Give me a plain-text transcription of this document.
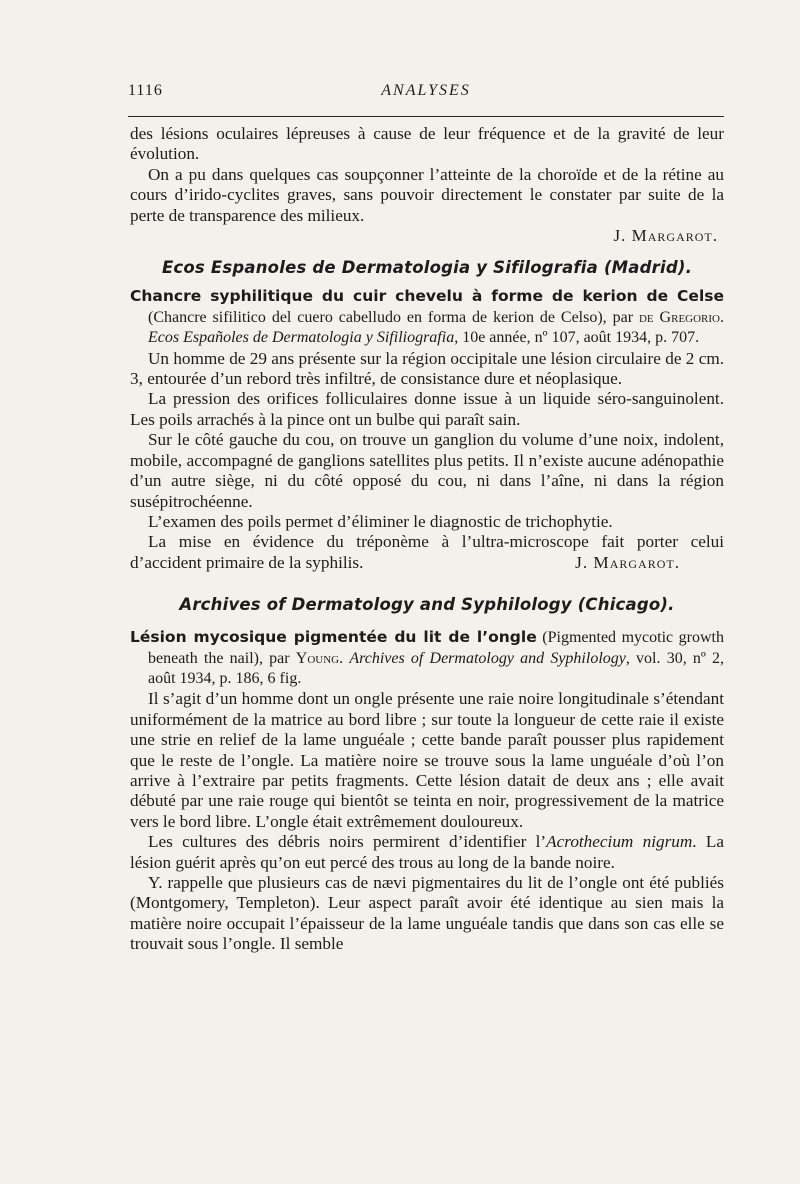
1116	ANALYSES

des lésions oculaires lépreuses à cause de leur fréquence et de la gravité de leur évolution.

On a pu dans quelques cas soupçonner l’atteinte de la choroïde et de la rétine au cours d’irido-cyclites graves, sans pouvoir directement le constater par suite de la perte de transparence des milieux.

J. Margarot.

Ecos Espanoles de Dermatologia y Sifilografia (Madrid).

Chancre syphilitique du cuir chevelu à forme de kerion de Celse (Chancre sifilitico del cuero cabelludo en forma de kerion de Celso), par de Gregorio. Ecos Españoles de Dermatologia y Sifiliografia, 10e année, nº 107, août 1934, p. 707.

Un homme de 29 ans présente sur la région occipitale une lésion circulaire de 2 cm. 3, entourée d’un rebord très infiltré, de consistance dure et néoplasique.

La pression des orifices folliculaires donne issue à un liquide séro-sanguinolent. Les poils arrachés à la pince ont un bulbe qui paraît sain.

Sur le côté gauche du cou, on trouve un ganglion du volume d’une noix, indolent, mobile, accompagné de ganglions satellites plus petits. Il n’existe aucune adénopathie d’un autre siège, ni du côté opposé du cou, ni dans l’aîne, ni dans la région susépitrochéenne.

L’examen des poils permet d’éliminer le diagnostic de trichophytie.

La mise en évidence du tréponème à l’ultra-microscope fait porter celui

d’accident primaire de la syphilis.	J. Margarot.
Archives of Dermatology and Syphilology (Chicago).

Lésion mycosique pigmentée du lit de l’ongle (Pigmented mycotic growth beneath the nail), par Young. Archives of Dermatology and Syphilology, vol. 30, nº 2, août 1934, p. 186, 6 fig.

Il s’agit d’un homme dont un ongle présente une raie noire longitudinale s’étendant uniformément de la matrice au bord libre ; sur toute la longueur de cette raie il existe une strie en relief de la lame unguéale ; cette bande paraît pousser plus rapidement que le reste de l’ongle. La matière noire se trouve sous la lame unguéale d’où l’on arrive à l’extraire par petits fragments. Cette lésion datait de deux ans ; elle avait débuté par une raie rouge qui bientôt se teinta en noir, progressivement de la matrice vers le bord libre. L’ongle était extrêmement douloureux.

Les cultures des débris noirs permirent d’identifier l’Acrothecium nigrum. La lésion guérit après qu’on eut percé des trous au long de la bande noire.

Y. rappelle que plusieurs cas de nævi pigmentaires du lit de l’ongle ont été publiés (Montgomery, Templeton). Leur aspect paraît avoir été identique au sien mais la matière noire occupait l’épaisseur de la lame unguéale tandis que dans son cas elle se trouvait sous l’ongle. Il semble
